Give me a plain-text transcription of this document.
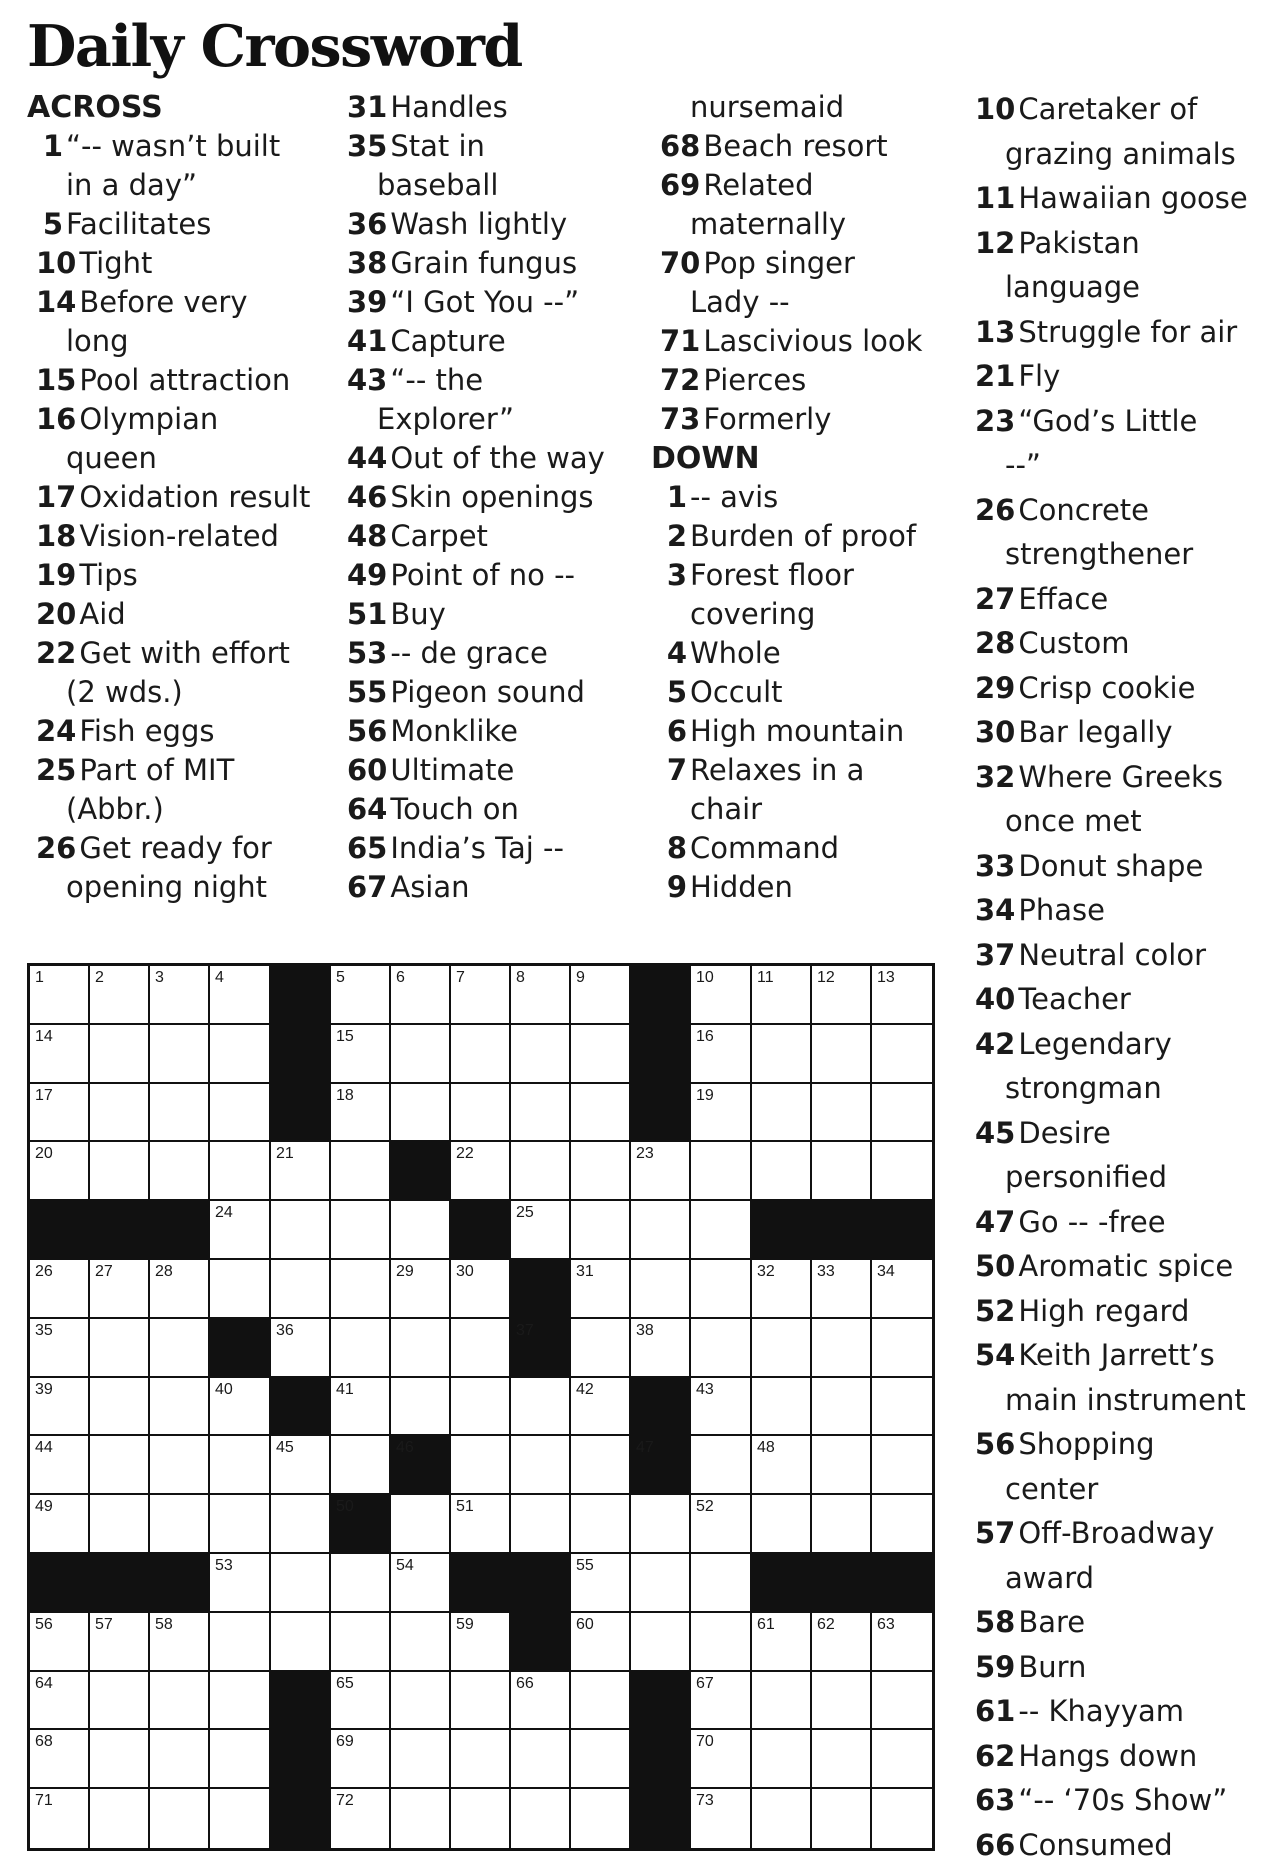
Daily Crossword
ACROSS
1 “-- wasn’t built
in a day”
5 Facilitates
10 Tight
14 Before very
long
15 Pool attraction
16 Olympian
queen
17 Oxidation result
18 Vision-related
19 Tips
20 Aid
22 Get with effort
(2 wds.)
24 Fish eggs
25 Part of MIT
(Abbr.)
26 Get ready for
opening night
31 Handles
35 Stat in
baseball
36 Wash lightly
38 Grain fungus
39 “I Got You --”
41 Capture
43 “-- the
Explorer”
44 Out of the way
46 Skin openings
48 Carpet
49 Point of no --
51 Buy
53 -- de grace
55 Pigeon sound
56 Monklike
60 Ultimate
64 Touch on
65 India’s Taj --
67 Asian
nursemaid
68 Beach resort
69 Related
maternally
70 Pop singer
Lady --
71 Lascivious look
72 Pierces
73 Formerly
DOWN
1 -- avis
2 Burden of proof
3 Forest floor
covering
4 Whole
5 Occult
6 High mountain
7 Relaxes in a
chair
8 Command
9 Hidden
10 Caretaker of
grazing animals
11 Hawaiian goose
12 Pakistan
language
13 Struggle for air
21 Fly
23 “God’s Little
--”
26 Concrete
strengthener
27 Efface
28 Custom
29 Crisp cookie
30 Bar legally
32 Where Greeks
once met
33 Donut shape
34 Phase
37 Neutral color
40 Teacher
42 Legendary
strongman
45 Desire
personified
47 Go -- -free
50 Aromatic spice
52 High regard
54 Keith Jarrett’s
main instrument
56 Shopping
center
57 Off-Broadway
award
58 Bare
59 Burn
61 -- Khayyam
62 Hangs down
63 “-- ‘70s Show”
66 Consumed
1	2	3	4	5	6	7	8	9	10	11	12	13
14	15	16
17	18	19
20	21	22	23
24	25
26	27	28	29	30	31	32	33	34
35	36	37	38
39	40	41	42	43
44	45	46	47	48
49	50	51	52
53	54	55
56	57	58	59	60	61	62	63
64	65	66	67
68	69	70
71	72	73
